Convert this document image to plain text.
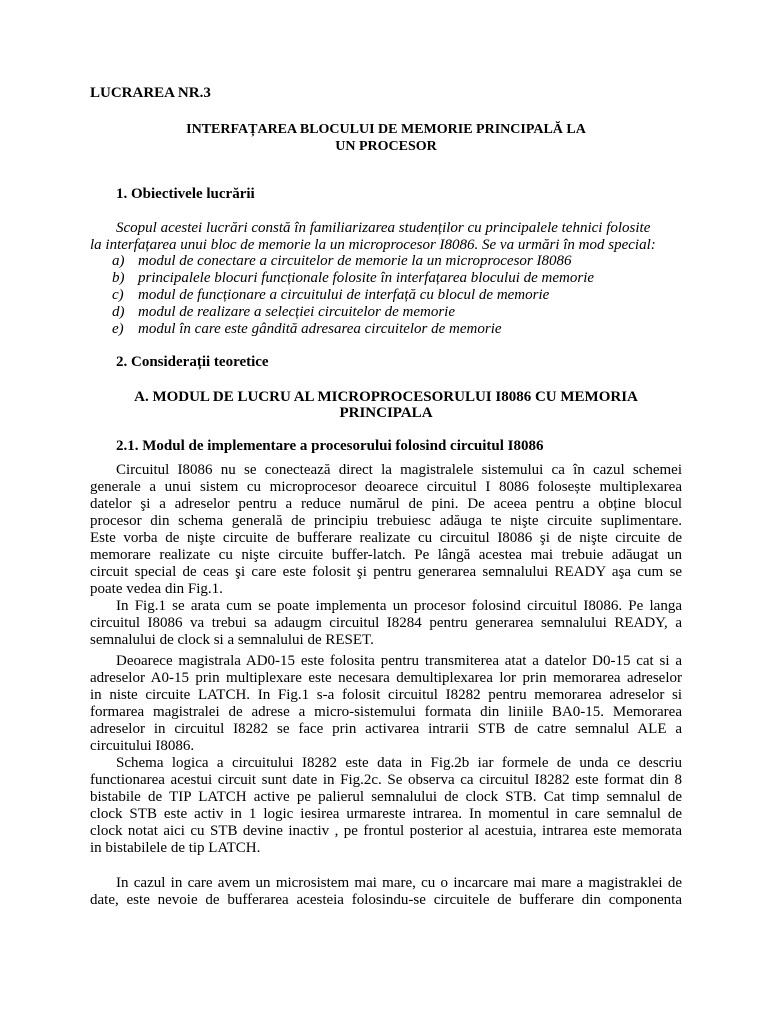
LUCRAREA NR.3
INTERFAȚAREA BLOCULUI DE MEMORIE PRINCIPALĂ LA
UN PROCESOR
1. Obiectivele lucrării
Scopul acestei lucrări constă în familiarizarea studenților cu principalele tehnici folosite
la interfațarea unui bloc de memorie la un microprocesor I8086. Se va urmări în mod special:
a) modul de conectare a circuitelor de memorie la un microprocesor I8086
b) principalele blocuri funcționale folosite în interfațarea blocului de memorie
c) modul de funcționare a circuitului de interfață cu blocul de memorie
d) modul de realizare a selecției circuitelor de memorie
e) modul în care este gândită adresarea circuitelor de memorie
2. Considerații teoretice
A. MODUL DE LUCRU AL MICROPROCESORULUI I8086 CU MEMORIA
PRINCIPALA
2.1. Modul de implementare a procesorului folosind circuitul I8086
Circuitul I8086 nu se conectează direct la magistralele sistemului ca în cazul schemei
generale a unui sistem cu microprocesor deoarece circuitul I 8086 folosește multiplexarea
datelor şi a adreselor pentru a reduce numărul de pini. De aceea pentru a obține blocul
procesor din schema generală de principiu trebuiesc adăuga te nişte circuite suplimentare.
Este vorba de nişte circuite de bufferare realizate cu circuitul I8086 şi de nişte circuite de
memorare realizate cu nişte circuite buffer-latch. Pe lângă acestea mai trebuie adăugat un
circuit special de ceas şi care este folosit şi pentru generarea semnalului READY aşa cum se
poate vedea din Fig.1.
In Fig.1 se arata cum se poate implementa un procesor folosind circuitul I8086. Pe langa
circuitul I8086 va trebui sa adaugm circuitul I8284 pentru generarea semnalului READY, a
semnalului de clock si a semnalului de RESET.
Deoarece magistrala AD0-15 este folosita pentru transmiterea atat a datelor D0-15 cat si a
adreselor A0-15 prin multiplexare este necesara demultiplexarea lor prin memorarea adreselor
in niste circuite LATCH. In Fig.1 s-a folosit circuitul I8282 pentru memorarea adreselor si
formarea magistralei de adrese a micro-sistemului formata din liniile BA0-15. Memorarea
adreselor in circuitul I8282 se face prin activarea intrarii STB de catre semnalul ALE a
circuitului I8086.
Schema logica a circuitului I8282 este data in Fig.2b iar formele de unda ce descriu
functionarea acestui circuit sunt date in Fig.2c. Se observa ca circuitul I8282 este format din 8
bistabile de TIP LATCH active pe palierul semnalului de clock STB. Cat timp semnalul de
clock STB este activ in 1 logic iesirea urmareste intrarea. In momentul in care semnalul de
clock notat aici cu STB devine inactiv , pe frontul posterior al acestuia, intrarea este memorata
in bistabilele de tip LATCH.
In cazul in care avem un microsistem mai mare, cu o incarcare mai mare a magistraklei de
date, este nevoie de bufferarea acesteia folosindu-se circuitele de bufferare din componenta
